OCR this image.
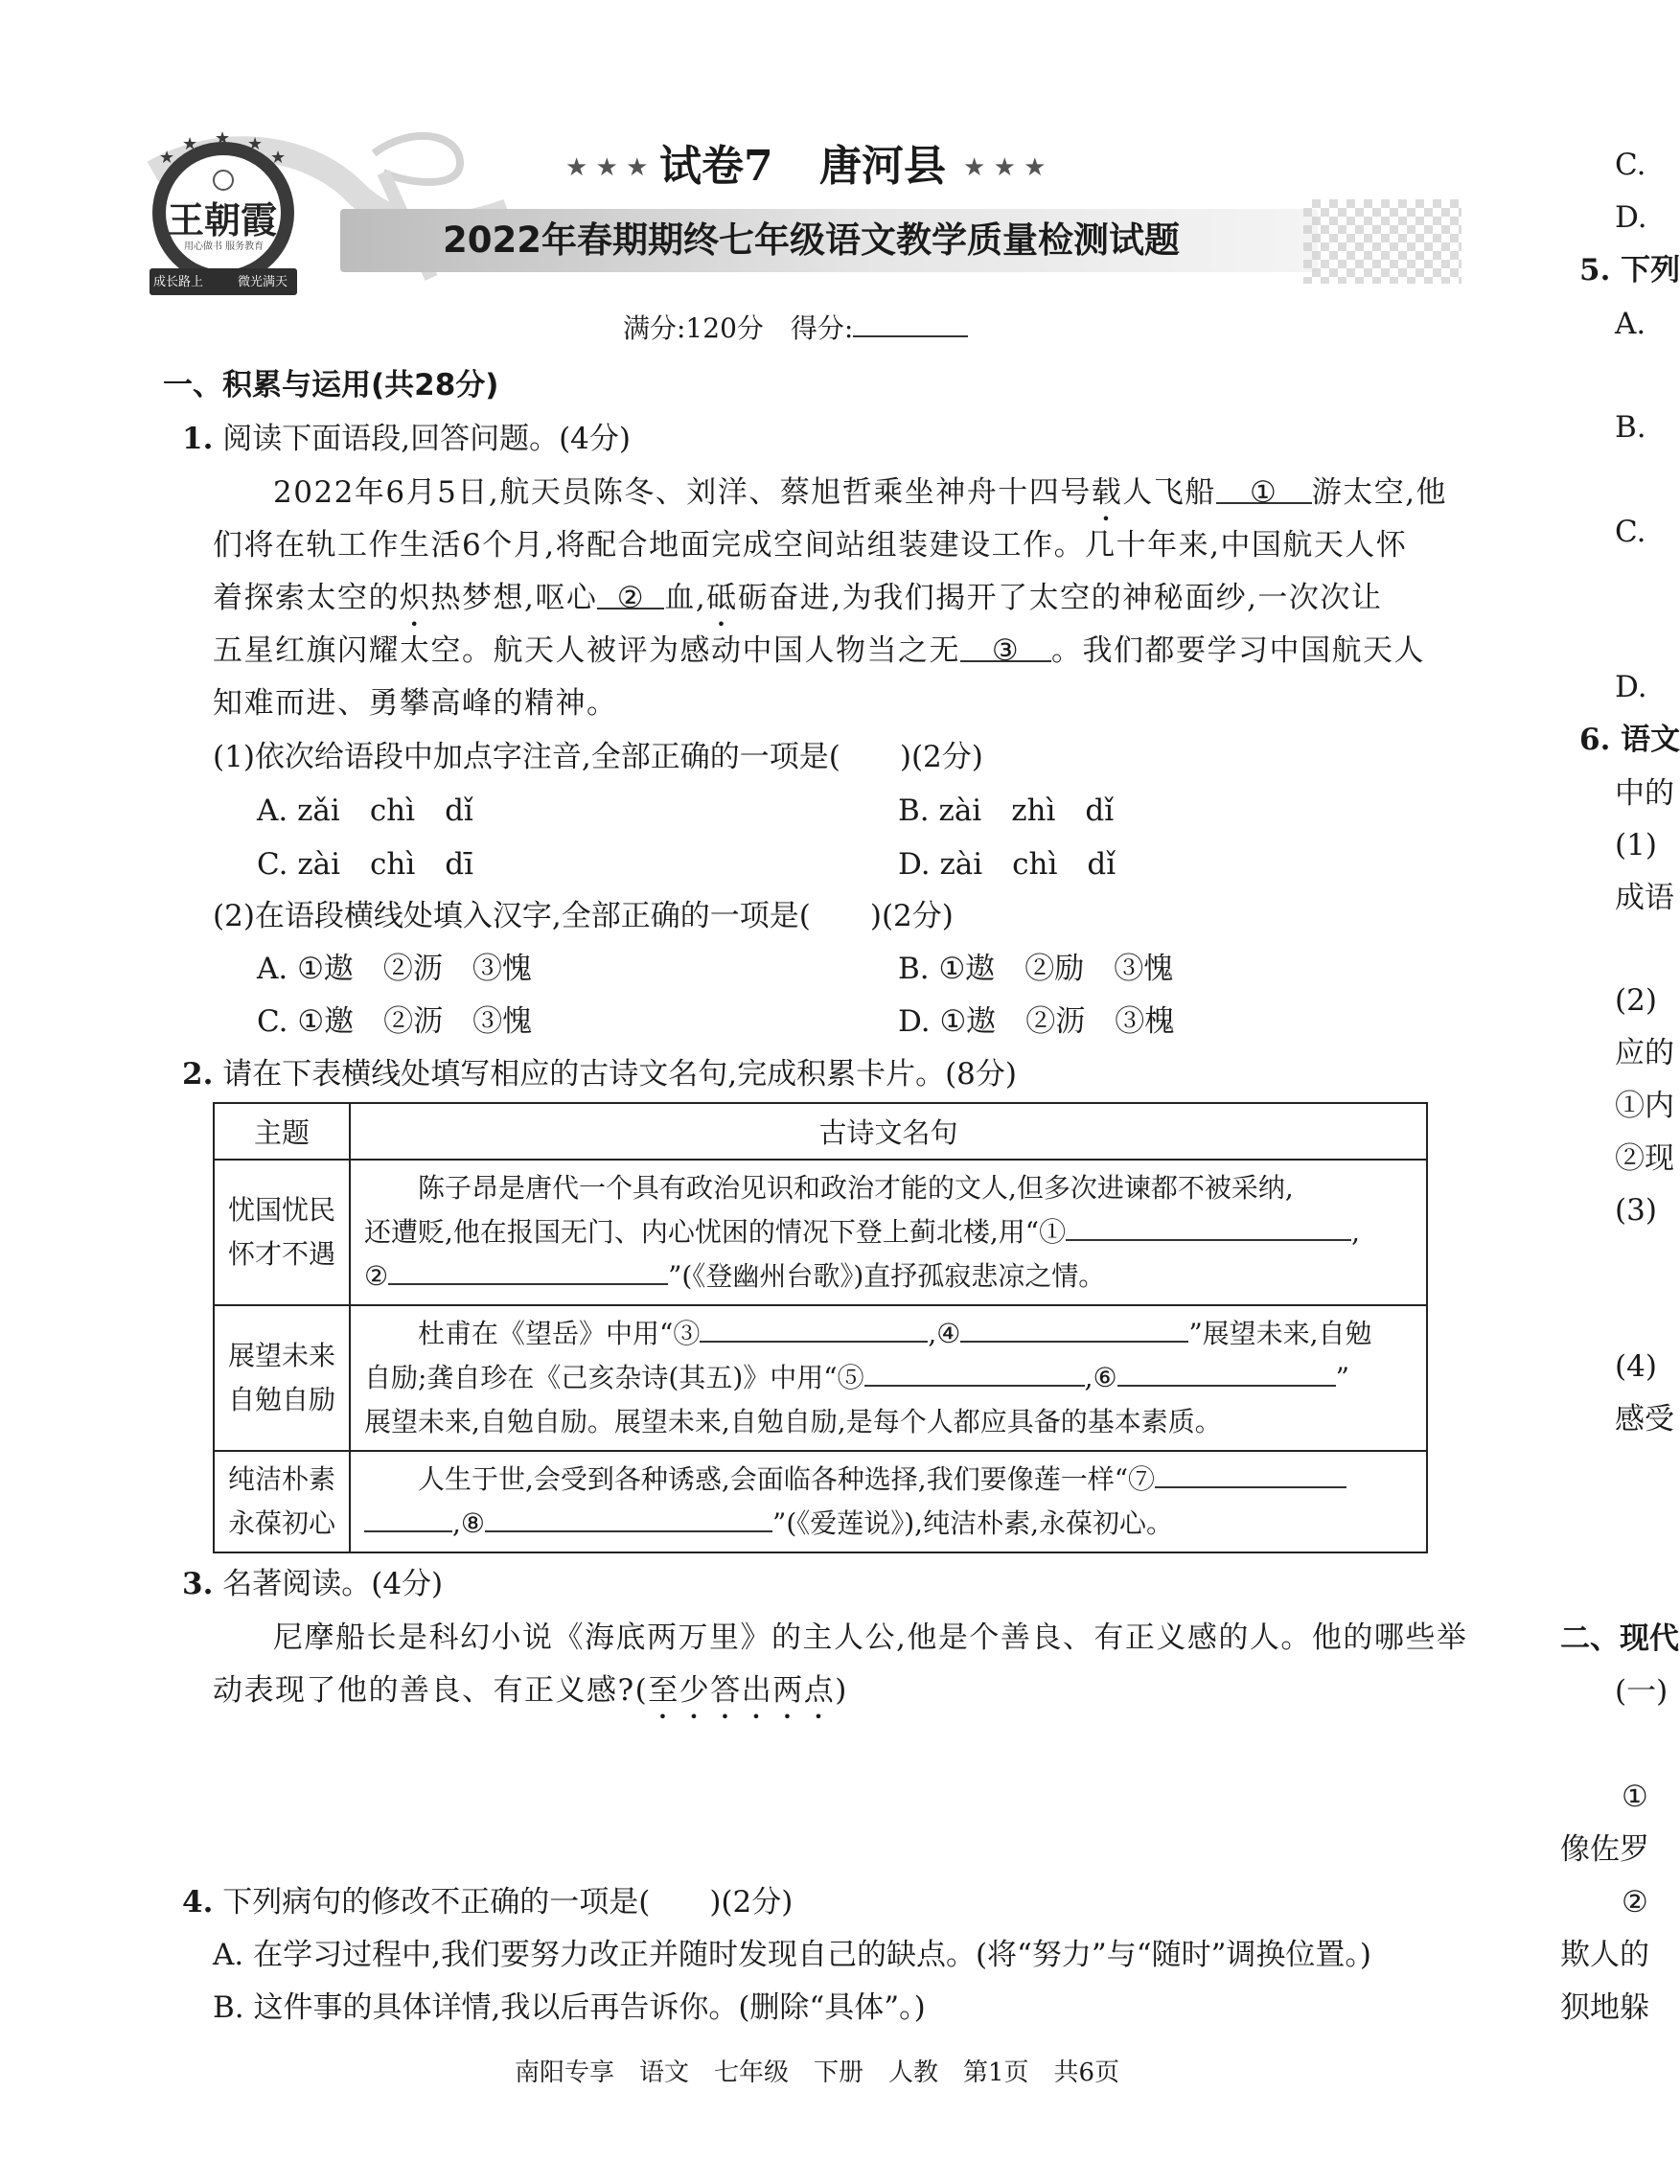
★
★ ★ ★
★
王朝霞
用心做书 服务教育
成长路上	微光满天
★ ★ ★ 试卷7 唐河县 ★ ★ ★
2022年春期期终七年级语文教学质量检测试题
满分:120分　得分:
一、积累与运用(共28分)
1. 阅读下面语段,回答问题。(4分)
2022年6月5日,航天员陈冬、刘洋、蔡旭哲乘坐神舟十四号载人飞船 ① 游太空,他
们将在轨工作生活6个月,将配合地面完成空间站组装建设工作。几十年来,中国航天人怀
着探索太空的炽热梦想,呕心 ② 血,砥砺奋进,为我们揭开了太空的神秘面纱,一次次让
五星红旗闪耀太空。航天人被评为感动中国人物当之无 ③ 。我们都要学习中国航天人
知难而进、勇攀高峰的精神。
(1)依次给语段中加点字注音,全部正确的一项是(　　)(2分)
A. zǎi　chì　dǐ	B. zài　zhì　dǐ
C. zài　chì　dī	D. zài　chì　dǐ
(2)在语段横线处填入汉字,全部正确的一项是(　　)(2分)
A. ①遨　②沥　③愧	B. ①遨　②励　③愧
C. ①邀　②沥　③愧	D. ①遨　②沥　③槐
2. 请在下表横线处填写相应的古诗文名句,完成积累卡片。(8分)
主题	古诗文名句
忧国忧民
怀才不遇	陈子昂是唐代一个具有政治见识和政治才能的文人,但多次进谏都不被采纳,
还遭贬,他在报国无门、内心忧困的情况下登上蓟北楼,用“① ,
② ”(《登幽州台歌》)直抒孤寂悲凉之情。
展望未来
自勉自励	杜甫在《望岳》中用“③ ,④ ”展望未来,自勉
自励;龚自珍在《己亥杂诗(其五)》中用“⑤ ,⑥ ”
展望未来,自勉自励。展望未来,自勉自励,是每个人都应具备的基本素质。
纯洁朴素
永葆初心	人生于世,会受到各种诱惑,会面临各种选择,我们要像莲一样“⑦
,⑧ ”(《爱莲说》),纯洁朴素,永葆初心。
3. 名著阅读。(4分)
尼摩船长是科幻小说《海底两万里》的主人公,他是个善良、有正义感的人。他的哪些举
动表现了他的善良、有正义感?(至少答出两点)
4. 下列病句的修改不正确的一项是(　　)(2分)
A. 在学习过程中,我们要努力改正并随时发现自己的缺点。(将“努力”与“随时”调换位置。)
B. 这件事的具体详情,我以后再告诉你。(删除“具体”。)
南阳专享　语文　七年级　下册　人教　第1页　共6页
C.
D.
5. 下列
A.
B.
C.
D.
6. 语文
中的
(1)
成语
(2)
应的
①内
②现
(3)
(4)
感受
二、现代
(一)
①
像佐罗
②
欺人的
狈地躲
